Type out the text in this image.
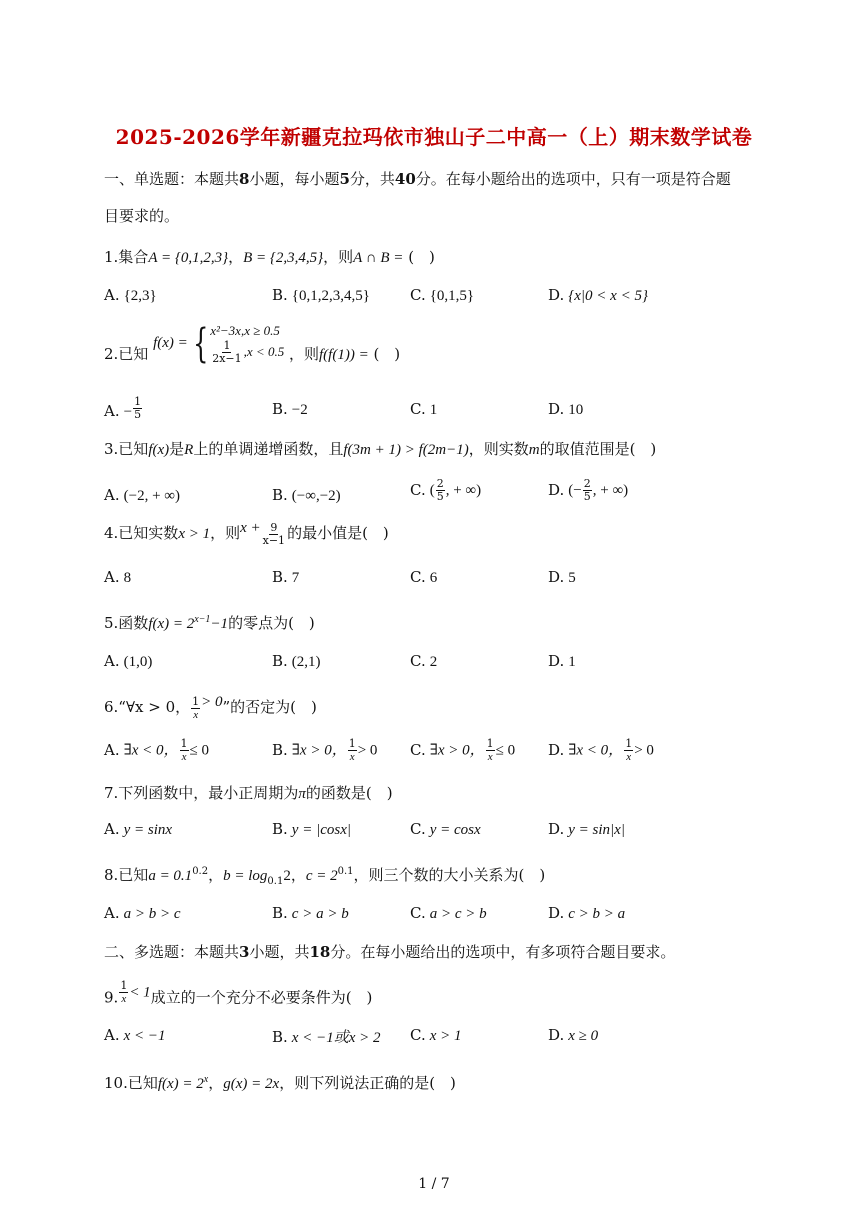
2025-2026学年新疆克拉玛依市独山子二中高一（上）期末数学试卷
一、单选题：本题共8小题，每小题5分，共40分。在每小题给出的选项中，只有一项是符合题
目要求的。
1.集合A = {0,1,2,3}，B = {2,3,4,5}，则A ∩ B = (　)
A. {2,3}	B. {0,1,2,3,4,5}	C. {0,1,5}	D. {x|0 < x < 5}
2.已知
f(x) = { x²−3x,x ≥ 0.5
$\frac{1}{2x-1} ,x < 0.5$ ，则f(f(1)) = (　)
A. − $\frac{1}{5}$	B. −2	C. 1	D. 10
3.已知f(x)是R上的单调递增函数，且f(3m + 1) > f(2m−1)，则实数m的取值范围是(　)
A. (−2, + ∞)	B. (−∞,−2)	C. ( $\frac{2}{5}$ , + ∞)	D. (− $\frac{2}{5}$ , + ∞)
4.已知实数x > 1，则$x + \frac{9}{x-1}$ 的最小值是(　)
A. 8	B. 7	C. 6	D. 5
5.函数$f(x) = 2^{x-1}-1$的零点为(　)
A. (1,0)	B. (2,1)	C. 2	D. 1
6.“∀x > 0， $\frac{1}{x} > 0$”的否定为(　)
A. ∃x < 0， $\frac{1}{x} \le 0$	B. ∃x > 0， $\frac{1}{x} > 0$ C. ∃x > 0， $\frac{1}{x} \le 0$ D. ∃x < 0， $\frac{1}{x} > 0$
7.下列函数中，最小正周期为π的函数是(　)
A. y = sinx	B. y = |cosx|	C. y = cosx	D. y = sin|x|
8.已知$a = 0.1^{0.2}$，$b = \log_{0.1}2$，$c = 2^{0.1}$，则三个数的大小关系为(　)
A. a > b > c	B. c > a > b	C. a > c > b	D. c > b > a
二、多选题：本题共3小题，共18分。在每小题给出的选项中，有多项符合题目要求。
9. $\frac{1}{x} < 1$成立的一个充分不必要条件为(　)
A. x < −1	B. x < −1或x > 2 C. x > 1	D. x ≥ 0
10.已知$f(x) = 2^x$，g(x) = 2x，则下列说法正确的是(　)
1 / 7
